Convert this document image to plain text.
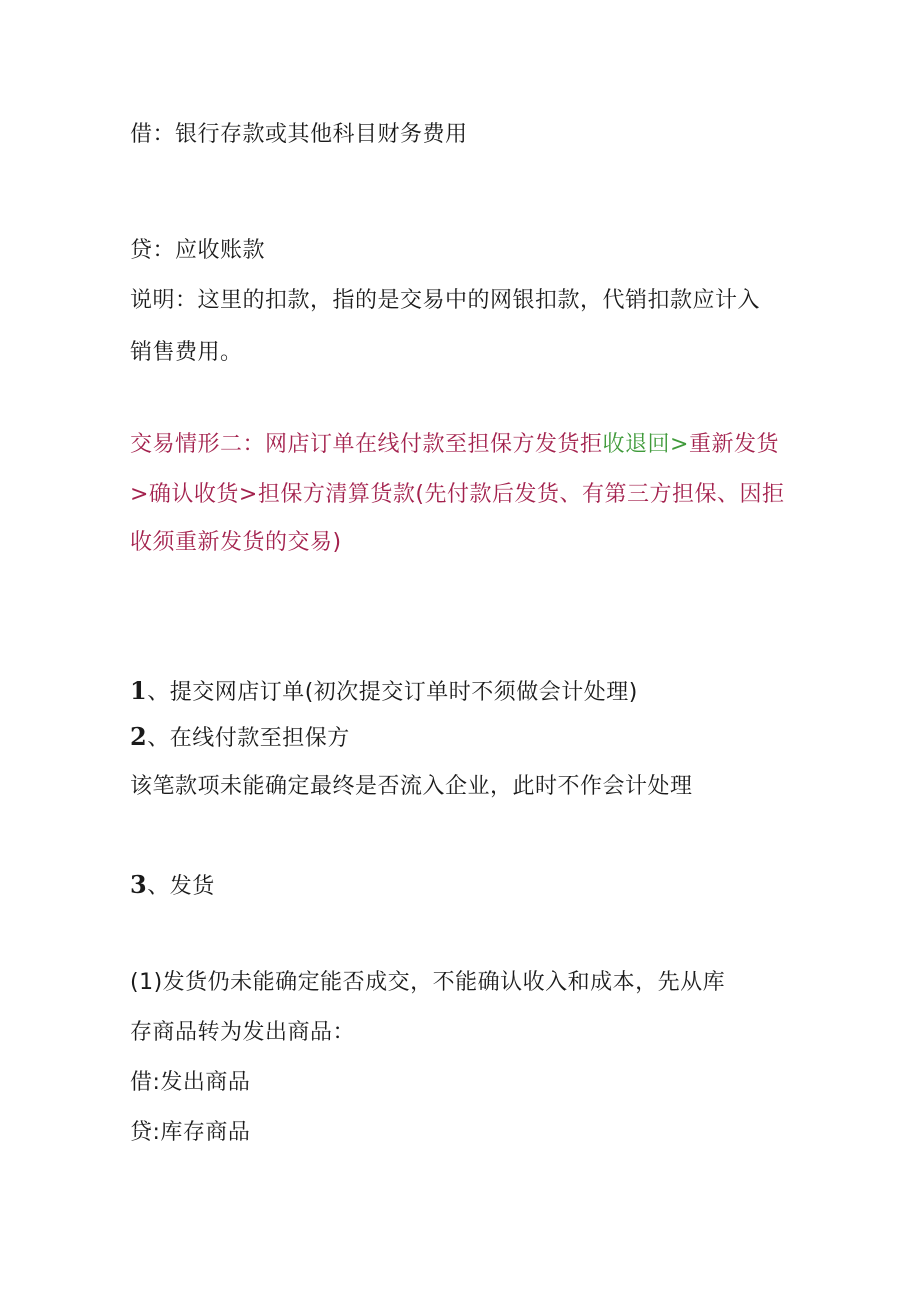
借：银行存款或其他科目财务费用
贷：应收账款
说明：这里的扣款，指的是交易中的网银扣款，代销扣款应计入
销售费用。
交易情形二：网店订单在线付款至担保方发货拒收退回>重新发货
>确认收货>担保方清算货款(先付款后发货、有第三方担保、因拒
收须重新发货的交易)
1、提交网店订单(初次提交订单时不须做会计处理)
2、在线付款至担保方
该笔款项未能确定最终是否流入企业，此时不作会计处理
3、发货
(1)发货仍未能确定能否成交，不能确认收入和成本，先从库
存商品转为发出商品：
借:发出商品
贷:库存商品
